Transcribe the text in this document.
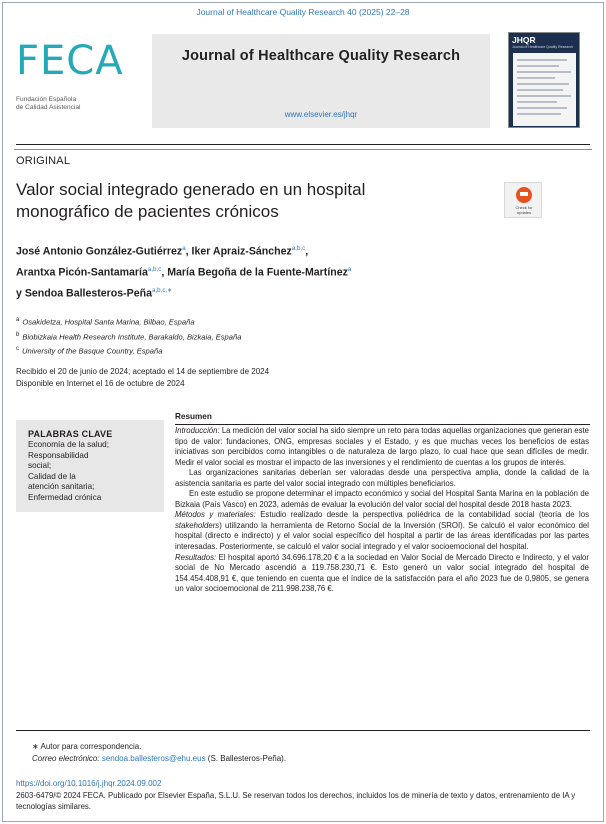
Journal of Healthcare Quality Research 40 (2025) 22–28
FECA
Fundación Española
de Calidad Asistencial
Journal of Healthcare Quality Research
www.elsevier.es/jhqr
JHQR
Journal of Healthcare Quality Research
ORIGINAL
Valor social integrado generado en un hospital
monográfico de pacientes crónicos	Check for
updates
José Antonio González-Gutiérrez$^a$, Iker Apraiz-Sánchez$^{a,b,c}$,
Arantxa Picón-Santamaría$^{a,b,c}$, María Begoña de la Fuente-Martínez$^a$
y Sendoa Ballesteros-Peña$^{a,b,c,∗}$
$^a$ Osakidetza, Hospital Santa Marina, Bilbao, España
$^b$ Biobizkaia Health Research Institute, Barakaldo, Bizkaia, España
$^c$ University of the Basque Country, España
Recibido el 20 de junio de 2024; aceptado el 14 de septiembre de 2024
Disponible en Internet el 16 de octubre de 2024
PALABRAS CLAVE
Economía de la salud;
Responsabilidad
social;
Calidad de la
atención sanitaria;
Enfermedad crónica
Resumen

Introducción: La medición del valor social ha sido siempre un reto para todas aquellas organizaciones que generan este tipo de valor: fundaciones, ONG, empresas sociales y el Estado, y es que muchas veces los beneficios de estas iniciativas son percibidos como intangibles o de naturaleza de largo plazo, lo cual hace que sean difíciles de medir. Medir el valor social es mostrar el impacto de las inversiones y el rendimiento de cuentas a los grupos de interés.

Las organizaciones sanitarias deberían ser valoradas desde una perspectiva amplia, donde la calidad de la asistencia sanitaria es parte del valor social integrado con múltiples beneficiarios.

En este estudio se propone determinar el impacto económico y social del Hospital Santa Marina en la población de Bizkaia (País Vasco) en 2023, además de evaluar la evolución del valor social del hospital desde 2018 hasta 2023.

Métodos y materiales: Estudio realizado desde la perspectiva poliédrica de la contabilidad social (teoría de los stakeholders) utilizando la herramienta de Retorno Social de la Inversión (SROI). Se calculó el valor económico del hospital (directo e indirecto) y el valor social específico del hospital a partir de las áreas identificadas por las partes interesadas. Posteriormente, se calculó el valor social integrado y el valor socioemocional del hospital.

Resultados: El hospital aportó 34.696.178,20 € a la sociedad en Valor Social de Mercado Directo e Indirecto, y el valor social de No Mercado ascendió a 119.758.230,71 €. Esto generó un valor social integrado del hospital de 154.454.408,91 €, que teniendo en cuenta que el índice de la satisfacción para el año 2023 fue de 0,9805, se genera un valor socioemocional de 211.998.238,76 €.

∗ Autor para correspondencia.
Correo electrónico: sendoa.ballesteros@ehu.eus (S. Ballesteros-Peña).
https://doi.org/10.1016/j.jhqr.2024.09.002
2603-6479/© 2024 FECA. Publicado por Elsevier España, S.L.U. Se reservan todos los derechos, incluidos los de minería de texto y datos, entrenamiento de IA y tecnologías similares.
